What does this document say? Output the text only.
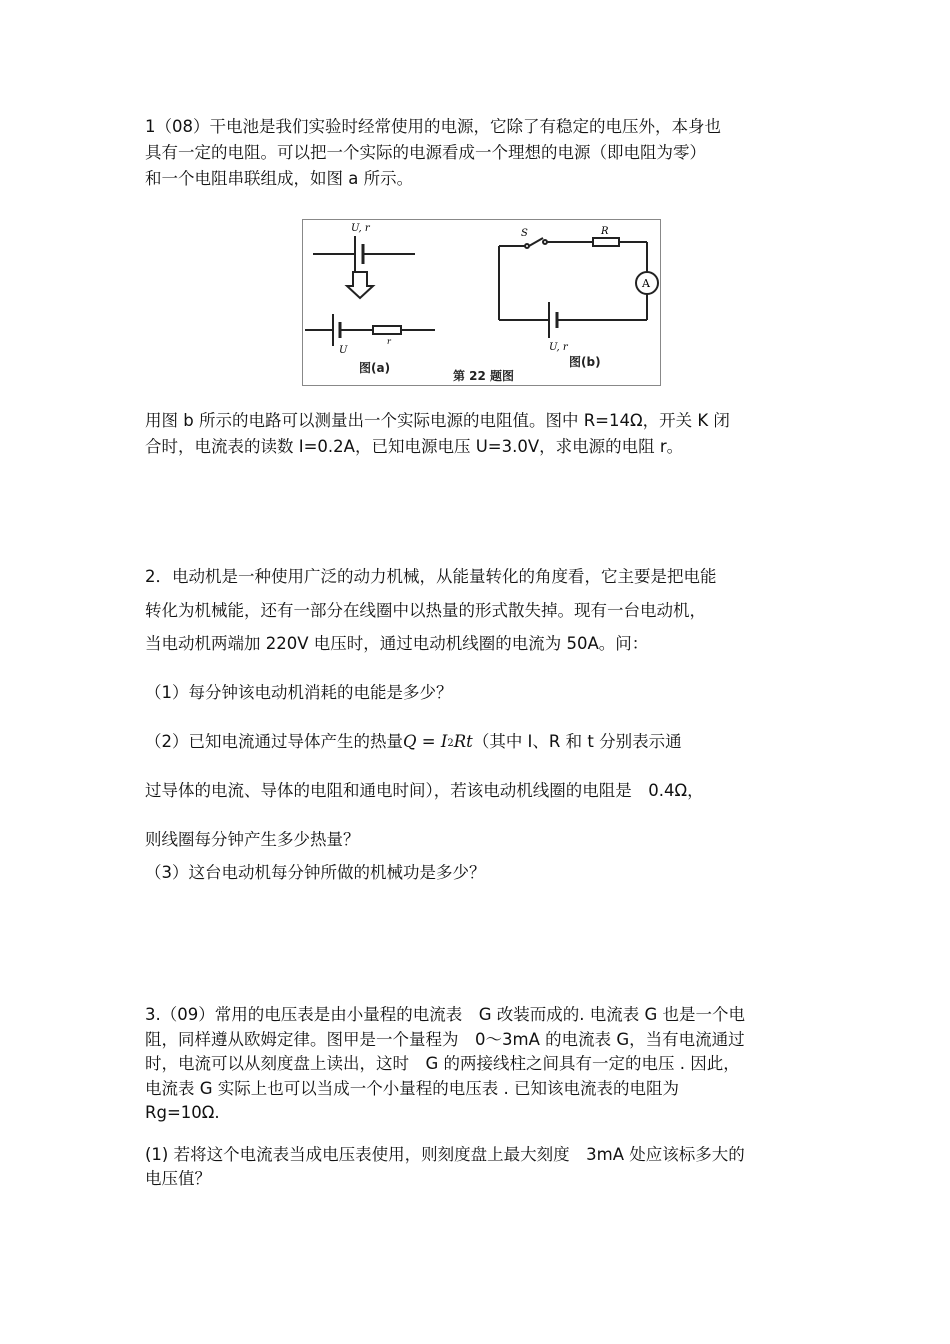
1（08）干电池是我们实验时经常使用的电源，它除了有稳定的电压外，本身也
具有一定的电阻。可以把一个实际的电源看成一个理想的电源（即电阻为零）
和一个电阻串联组成，如图 a 所示。
U, r
U
r
S	R
A
U, r
图(a)
第 22 题图
图(b)
用图 b 所示的电路可以测量出一个实际电源的电阻值。图中 R=14Ω，开关 K 闭
合时，电流表的读数 I=0.2A，已知电源电压 U=3.0V，求电源的电阻 r。
2．电动机是一种使用广泛的动力机械，从能量转化的角度看，它主要是把电能
转化为机械能，还有一部分在线圈中以热量的形式散失掉。现有一台电动机，
当电动机两端加 220V 电压时，通过电动机线圈的电流为 50A。问：
（1）每分钟该电动机消耗的电能是多少？
（2）已知电流通过导体产生的热量$Q = I^2Rt$（其中 I、R 和 t 分别表示通
过导体的电流、导体的电阻和通电时间），若该电动机线圈的电阻是　0.4Ω，
则线圈每分钟产生多少热量？
（3）这台电动机每分钟所做的机械功是多少？
3.（09）常用的电压表是由小量程的电流表　G 改装而成的. 电流表 G 也是一个电
阻，同样遵从欧姆定律。图甲是一个量程为　0～3mA 的电流表 G，当有电流通过
时，电流可以从刻度盘上读出，这时　G 的两接线柱之间具有一定的电压 . 因此，
电流表 G 实际上也可以当成一个小量程的电压表 . 已知该电流表的电阻为
Rg=10Ω.
(1) 若将这个电流表当成电压表使用，则刻度盘上最大刻度　3mA 处应该标多大的
电压值？
